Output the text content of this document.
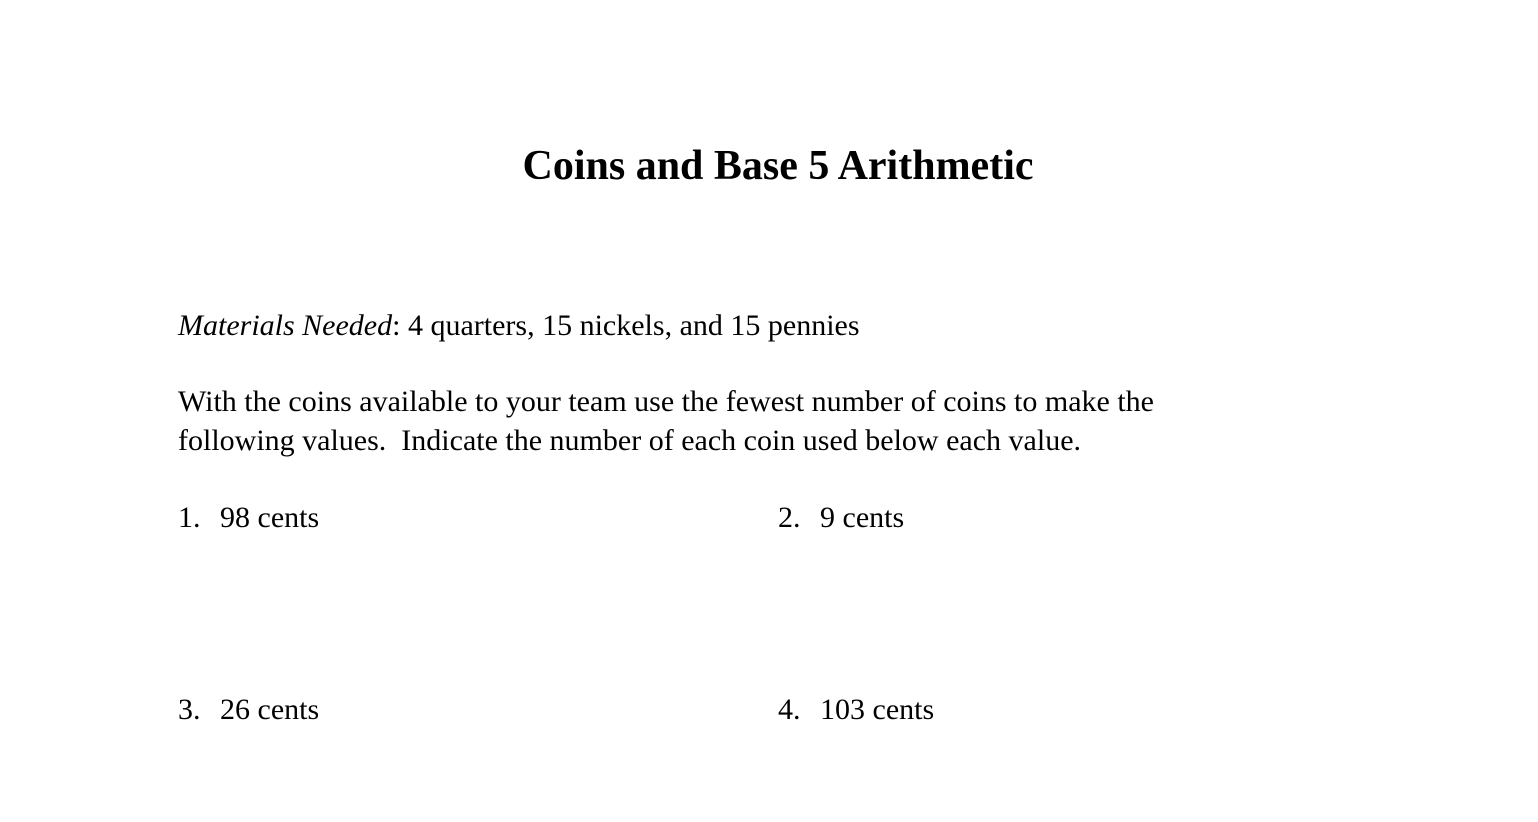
Coins and Base 5 Arithmetic

Materials Needed: 4 quarters, 15 nickels, and 15 pennies

With the coins available to your team use the fewest number of coins to make the
following values.  Indicate the number of each coin used below each value.

1. 98 cents	2. 9 cents

3. 26 cents	4. 103 cents
